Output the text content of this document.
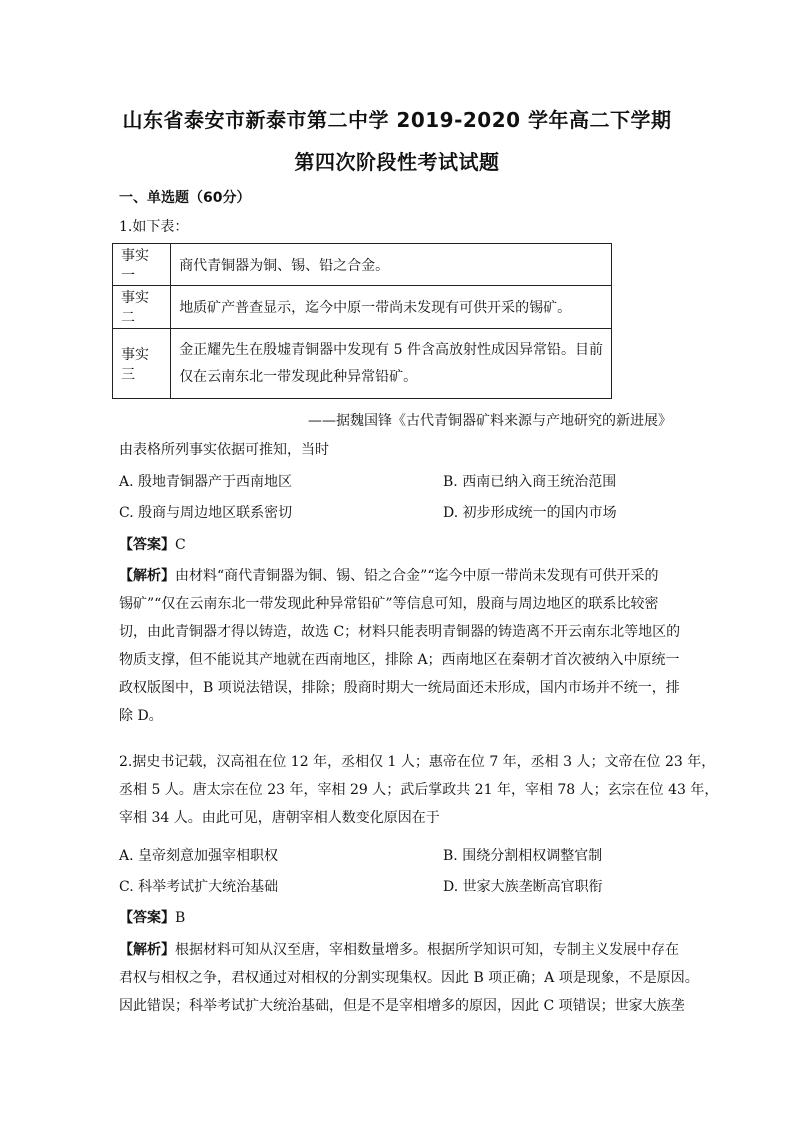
山东省泰安市新泰市第二中学 2019-2020 学年高二下学期
第四次阶段性考试试题
一、单选题（60分）
1.如下表：
事实一	商代青铜器为铜、锡、铅之合金。
事实二	地质矿产普查显示，迄今中原一带尚未发现有可供开采的锡矿。
事实三	金正耀先生在殷墟青铜器中发现有 5 件含高放射性成因异常铅。目前
仅在云南东北一带发现此种异常铅矿。
——据魏国锋《古代青铜器矿料来源与产地研究的新进展》
由表格所列事实依据可推知，当时
A. 殷地青铜器产于西南地区	B. 西南已纳入商王统治范围
C. 殷商与周边地区联系密切	D. 初步形成统一的国内市场
【答案】C
【解析】由材料“商代青铜器为铜、锡、铅之合金”“迄今中原一带尚未发现有可供开采的
锡矿”“仅在云南东北一带发现此种异常铅矿”等信息可知，殷商与周边地区的联系比较密
切，由此青铜器才得以铸造，故选 C；材料只能表明青铜器的铸造离不开云南东北等地区的
物质支撑，但不能说其产地就在西南地区，排除 A；西南地区在秦朝才首次被纳入中原统一
政权版图中，B 项说法错误，排除；殷商时期大一统局面还未形成，国内市场并不统一，排
除 D。
2.据史书记载，汉高祖在位 12 年，丞相仅 1 人；惠帝在位 7 年，丞相 3 人；文帝在位 23 年，
丞相 5 人。唐太宗在位 23 年，宰相 29 人；武后掌政共 21 年，宰相 78 人；玄宗在位 43 年，
宰相 34 人。由此可见，唐朝宰相人数变化原因在于
A. 皇帝刻意加强宰相职权	B. 围绕分割相权调整官制
C. 科举考试扩大统治基础	D. 世家大族垄断高官职衔
【答案】B
【解析】根据材料可知从汉至唐，宰相数量增多。根据所学知识可知，专制主义发展中存在
君权与相权之争，君权通过对相权的分割实现集权。因此 B 项正确；A 项是现象，不是原因。
因此错误；科举考试扩大统治基础，但是不是宰相增多的原因，因此 C 项错误；世家大族垄
